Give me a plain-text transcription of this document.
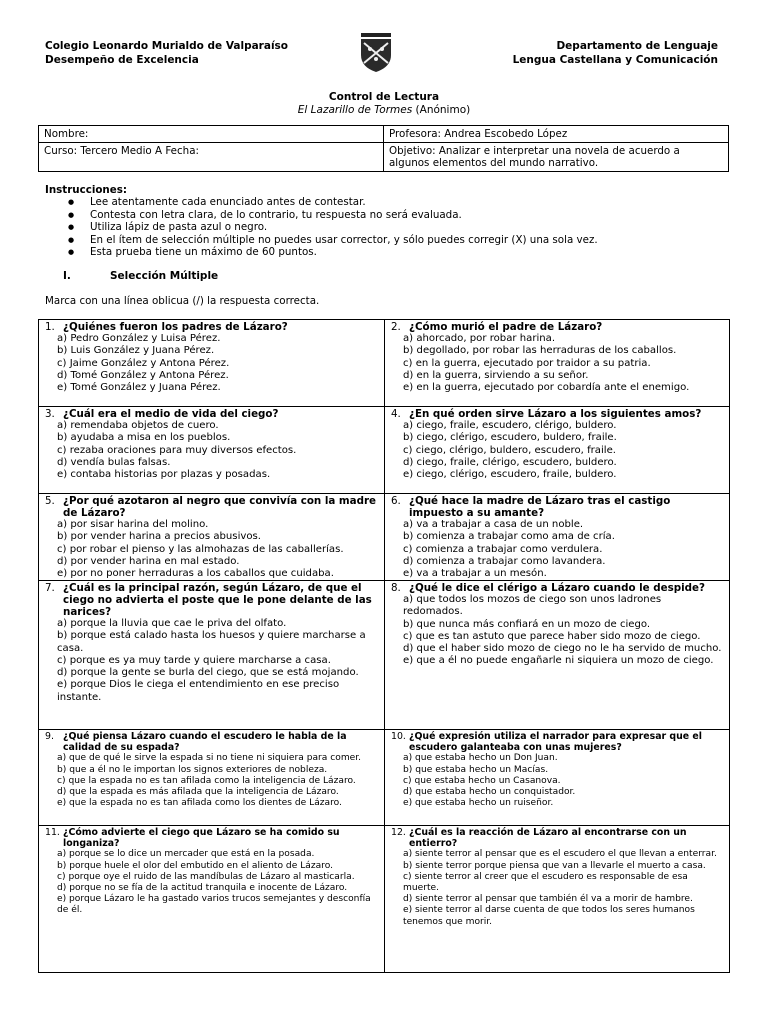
Colegio Leonardo Murialdo de Valparaíso
Desempeño de Excelencia
Departamento de Lenguaje
Lengua Castellana y Comunicación
Control de Lectura
El Lazarillo de Tormes (Anónimo)
Nombre:	Profesora: Andrea Escobedo López
Curso: Tercero Medio A Fecha:	Objetivo: Analizar e interpretar una novela de acuerdo a algunos elementos del mundo narrativo.
Instrucciones:
● Lee atentamente cada enunciado antes de contestar.
● Contesta con letra clara, de lo contrario, tu respuesta no será evaluada.
● Utiliza lápiz de pasta azul o negro.
● En el ítem de selección múltiple no puedes usar corrector, y sólo puedes corregir (X) una sola vez.
● Esta prueba tiene un máximo de 60 puntos.
I.	Selección Múltiple
Marca con una línea oblicua (/) la respuesta correcta.
1. ¿Quiénes fueron los padres de Lázaro?
a) Pedro González y Luisa Pérez.
b) Luis González y Juana Pérez.
c) Jaime González y Antona Pérez.
d) Tomé González y Antona Pérez.
e) Tomé González y Juana Pérez.
2. ¿Cómo murió el padre de Lázaro?
a) ahorcado, por robar harina.
b) degollado, por robar las herraduras de los caballos.
c) en la guerra, ejecutado por traidor a su patria.
d) en la guerra, sirviendo a su señor.
e) en la guerra, ejecutado por cobardía ante el enemigo.
3. ¿Cuál era el medio de vida del ciego?
a) remendaba objetos de cuero.
b) ayudaba a misa en los pueblos.
c) rezaba oraciones para muy diversos efectos.
d) vendía bulas falsas.
e) contaba historias por plazas y posadas.
4. ¿En qué orden sirve Lázaro a los siguientes amos?
a) ciego, fraile, escudero, clérigo, buldero.
b) ciego, clérigo, escudero, buldero, fraile.
c) ciego, clérigo, buldero, escudero, fraile.
d) ciego, fraile, clérigo, escudero, buldero.
e) ciego, clérigo, escudero, fraile, buldero.
5. ¿Por qué azotaron al negro que convivía con la madre de Lázaro?
a) por sisar harina del molino.
b) por vender harina a precios abusivos.
c) por robar el pienso y las almohazas de las caballerías.
d) por vender harina en mal estado.
e) por no poner herraduras a los caballos que cuidaba.
6. ¿Qué hace la madre de Lázaro tras el castigo impuesto a su amante?
a) va a trabajar a casa de un noble.
b) comienza a trabajar como ama de cría.
c) comienza a trabajar como verdulera.
d) comienza a trabajar como lavandera.
e) va a trabajar a un mesón.
7. ¿Cuál es la principal razón, según Lázaro, de que el ciego no advierta el poste que le pone delante de las narices?
a) porque la lluvia que cae le priva del olfato.
b) porque está calado hasta los huesos y quiere marcharse a casa.
c) porque es ya muy tarde y quiere marcharse a casa.
d) porque la gente se burla del ciego, que se está mojando.
e) porque Dios le ciega el entendimiento en ese preciso instante.
8. ¿Qué le dice el clérigo a Lázaro cuando le despide?
a) que todos los mozos de ciego son unos ladrones redomados.
b) que nunca más confiará en un mozo de ciego.
c) que es tan astuto que parece haber sido mozo de ciego.
d) que el haber sido mozo de ciego no le ha servido de mucho.
e) que a él no puede engañarle ni siquiera un mozo de ciego.
9. ¿Qué piensa Lázaro cuando el escudero le habla de la calidad de su espada?
a) que de qué le sirve la espada si no tiene ni siquiera para comer.
b) que a él no le importan los signos exteriores de nobleza.
c) que la espada no es tan afilada como la inteligencia de Lázaro.
d) que la espada es más afilada que la inteligencia de Lázaro.
e) que la espada no es tan afilada como los dientes de Lázaro.
10. ¿Qué expresión utiliza el narrador para expresar que el escudero galanteaba con unas mujeres?
a) que estaba hecho un Don Juan.
b) que estaba hecho un Macías.
c) que estaba hecho un Casanova.
d) que estaba hecho un conquistador.
e) que estaba hecho un ruiseñor.
11. ¿Cómo advierte el ciego que Lázaro se ha comido su longaniza?
a) porque se lo dice un mercader que está en la posada.
b) porque huele el olor del embutido en el aliento de Lázaro.
c) porque oye el ruido de las mandíbulas de Lázaro al masticarla.
d) porque no se fía de la actitud tranquila e inocente de Lázaro.
e) porque Lázaro le ha gastado varios trucos semejantes y desconfía de él.
12. ¿Cuál es la reacción de Lázaro al encontrarse con un entierro?
a) siente terror al pensar que es el escudero el que llevan a enterrar.
b) siente terror porque piensa que van a llevarle el muerto a casa.
c) siente terror al creer que el escudero es responsable de esa muerte.
d) siente terror al pensar que también él va a morir de hambre.
e) siente terror al darse cuenta de que todos los seres humanos tenemos que morir.
